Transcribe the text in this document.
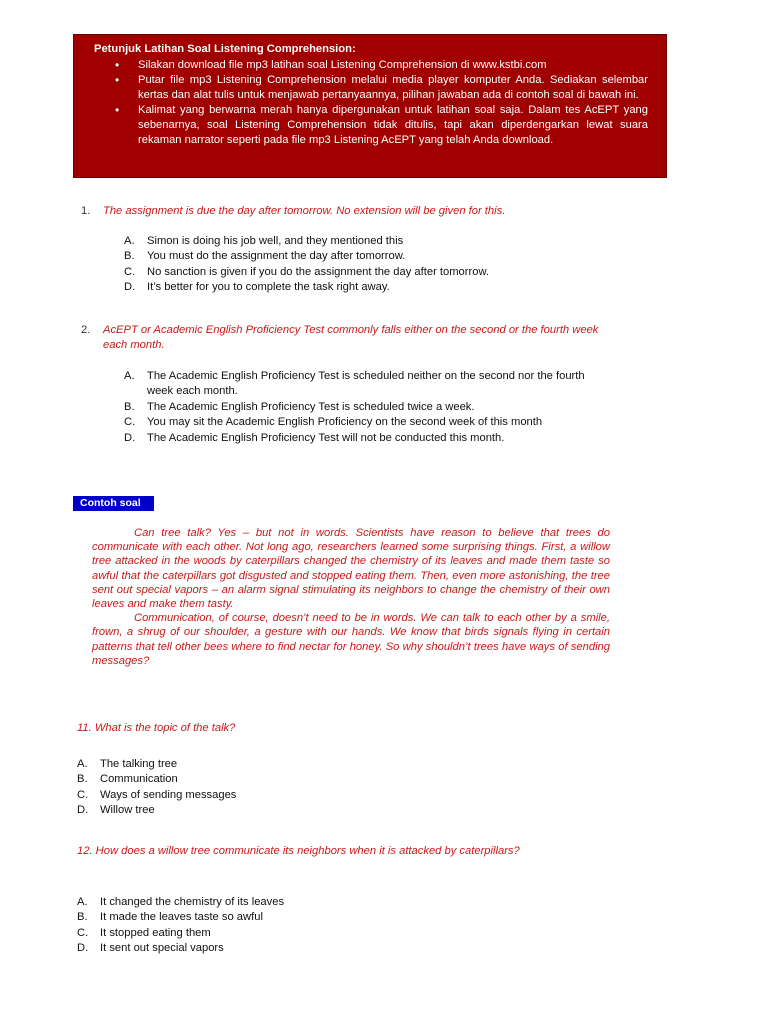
Petunjuk Latihan Soal Listening Comprehension:
• Silakan download file mp3 latihan soal Listening Comprehension di www.kstbi.com
• Putar file mp3 Listening Comprehension melalui media player komputer Anda. Sediakan selembar kertas dan alat tulis untuk menjawab pertanyaannya, pilihan jawaban ada di contoh soal di bawah ini.
• Kalimat yang berwarna merah hanya dipergunakan untuk latihan soal saja. Dalam tes AcEPT yang sebenarnya, soal Listening Comprehension tidak ditulis, tapi akan diperdengarkan lewat suara rekaman narrator seperti pada file mp3 Listening AcEPT yang telah Anda download.
1.	The assignment is due the day after tomorrow. No extension will be given for this.
A. Simon is doing his job well, and they mentioned this
B. You must do the assignment the day after tomorrow.
C. No sanction is given if you do the assignment the day after tomorrow.
D. It’s better for you to complete the task right away.
2.	AcEPT or Academic English Proficiency Test commonly falls either on the second or the fourth week each month.
A. The Academic English Proficiency Test is scheduled neither on the second nor the fourth week each month.
B. The Academic English Proficiency Test is scheduled twice a week.
C. You may sit the Academic English Proficiency on the second week of this month
D. The Academic English Proficiency Test will not be conducted this month.
Contoh soal

Can tree talk? Yes – but not in words. Scientists have reason to believe that trees do communicate with each other. Not long ago, researchers learned some surprising things. First, a willow tree attacked in the woods by caterpillars changed the chemistry of its leaves and made them taste so awful that the caterpillars got disgusted and stopped eating them. Then, even more astonishing, the tree sent out special vapors – an alarm signal stimulating its neighbors to change the chemistry of their own leaves and make them tasty.

Communication, of course, doesn’t need to be in words. We can talk to each other by a smile, frown, a shrug of our shoulder, a gesture with our hands. We know that birds signals flying in certain patterns that tell other bees where to find nectar for honey. So why shouldn’t trees have ways of sending messages?

11. What is the topic of the talk?
A. The talking tree
B. Communication
C. Ways of sending messages
D. Willow tree
12. How does a willow tree communicate its neighbors when it is attacked by caterpillars?
A. It changed the chemistry of its leaves
B. It made the leaves taste so awful
C. It stopped eating them
D. It sent out special vapors
